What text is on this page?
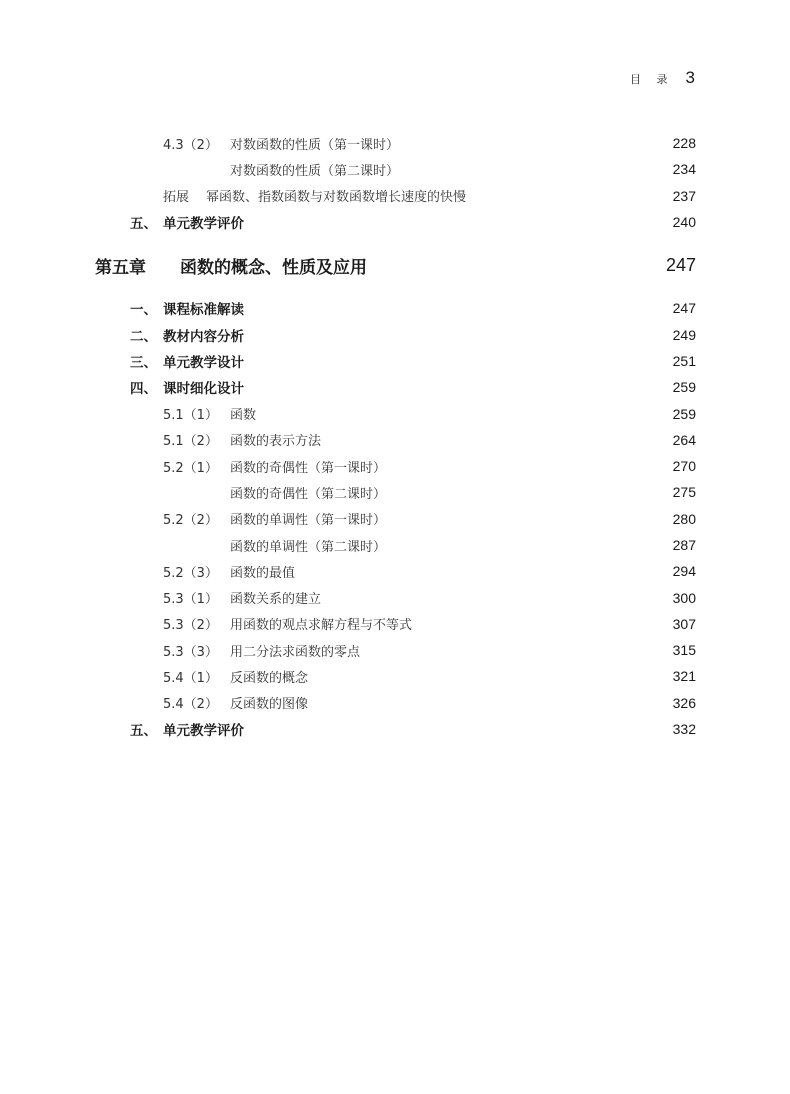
目 录 3
4.3（2） 对数函数的性质（第一课时）	228
对数函数的性质（第二课时）	234
拓展 幂函数、指数函数与对数函数增长速度的快慢	237
五、 单元教学评价	240
第五章 函数的概念、性质及应用	247
一、 课程标准解读	247
二、 教材内容分析	249
三、 单元教学设计	251
四、 课时细化设计	259
5.1（1） 函数	259
5.1（2） 函数的表示方法	264
5.2（1） 函数的奇偶性（第一课时）	270
函数的奇偶性（第二课时）	275
5.2（2） 函数的单调性（第一课时）	280
函数的单调性（第二课时）	287
5.2（3） 函数的最值	294
5.3（1） 函数关系的建立	300
5.3（2） 用函数的观点求解方程与不等式	307
5.3（3） 用二分法求函数的零点	315
5.4（1） 反函数的概念	321
5.4（2） 反函数的图像	326
五、 单元教学评价	332
